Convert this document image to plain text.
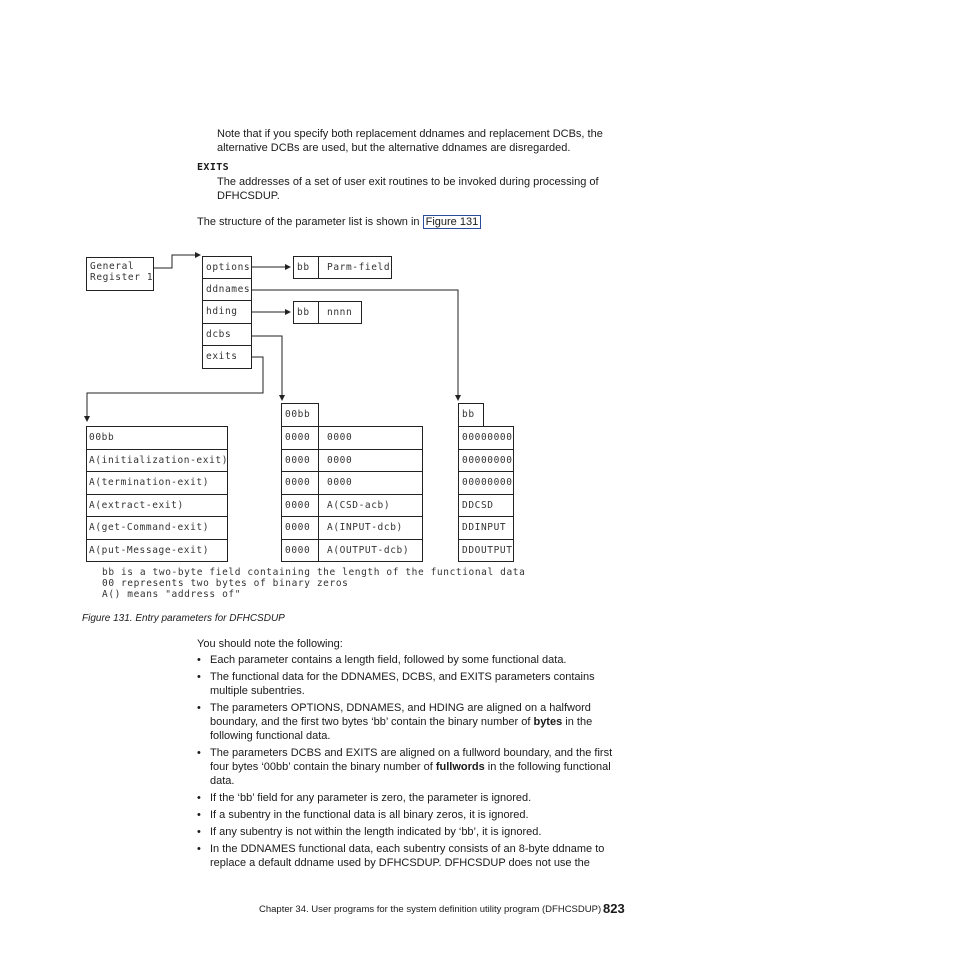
Note that if you specify both replacement ddnames and replacement DCBs, the alternative DCBs are used, but the alternative ddnames are disregarded.
EXITS
The addresses of a set of user exit routines to be invoked during processing of DFHCSDUP.
The structure of the parameter list is shown in Figure 131
General
Register 1
options
ddnames
hding
dcbs
exits
bb Parm-field
bb nnnn
00bb
A(initialization-exit)
A(termination-exit)
A(extract-exit)
A(get-Command-exit)
A(put-Message-exit)
00bb
0000 0000
0000 0000
0000 0000
0000 A(CSD-acb)
0000 A(INPUT-dcb)
0000 A(OUTPUT-dcb)
bb
00000000
00000000
00000000
DDCSD
DDINPUT
DDOUTPUT
bb is a two-byte field containing the length of the functional data
00 represents two bytes of binary zeros
A() means "address of"
Figure 131. Entry parameters for DFHCSDUP
You should note the following:
• Each parameter contains a length field, followed by some functional data.
• The functional data for the DDNAMES, DCBS, and EXITS parameters contains multiple subentries.
• The parameters OPTIONS, DDNAMES, and HDING are aligned on a halfword boundary, and the first two bytes ‘bb’ contain the binary number of bytes in the following functional data.
• The parameters DCBS and EXITS are aligned on a fullword boundary, and the first four bytes ‘00bb’ contain the binary number of fullwords in the following functional data.
• If the ‘bb’ field for any parameter is zero, the parameter is ignored.
• If a subentry in the functional data is all binary zeros, it is ignored.
• If any subentry is not within the length indicated by ‘bb’, it is ignored.
• In the DDNAMES functional data, each subentry consists of an 8-byte ddname to replace a default ddname used by DFHCSDUP. DFHCSDUP does not use the
Chapter 34. User programs for the system definition utility program (DFHCSDUP) 823
